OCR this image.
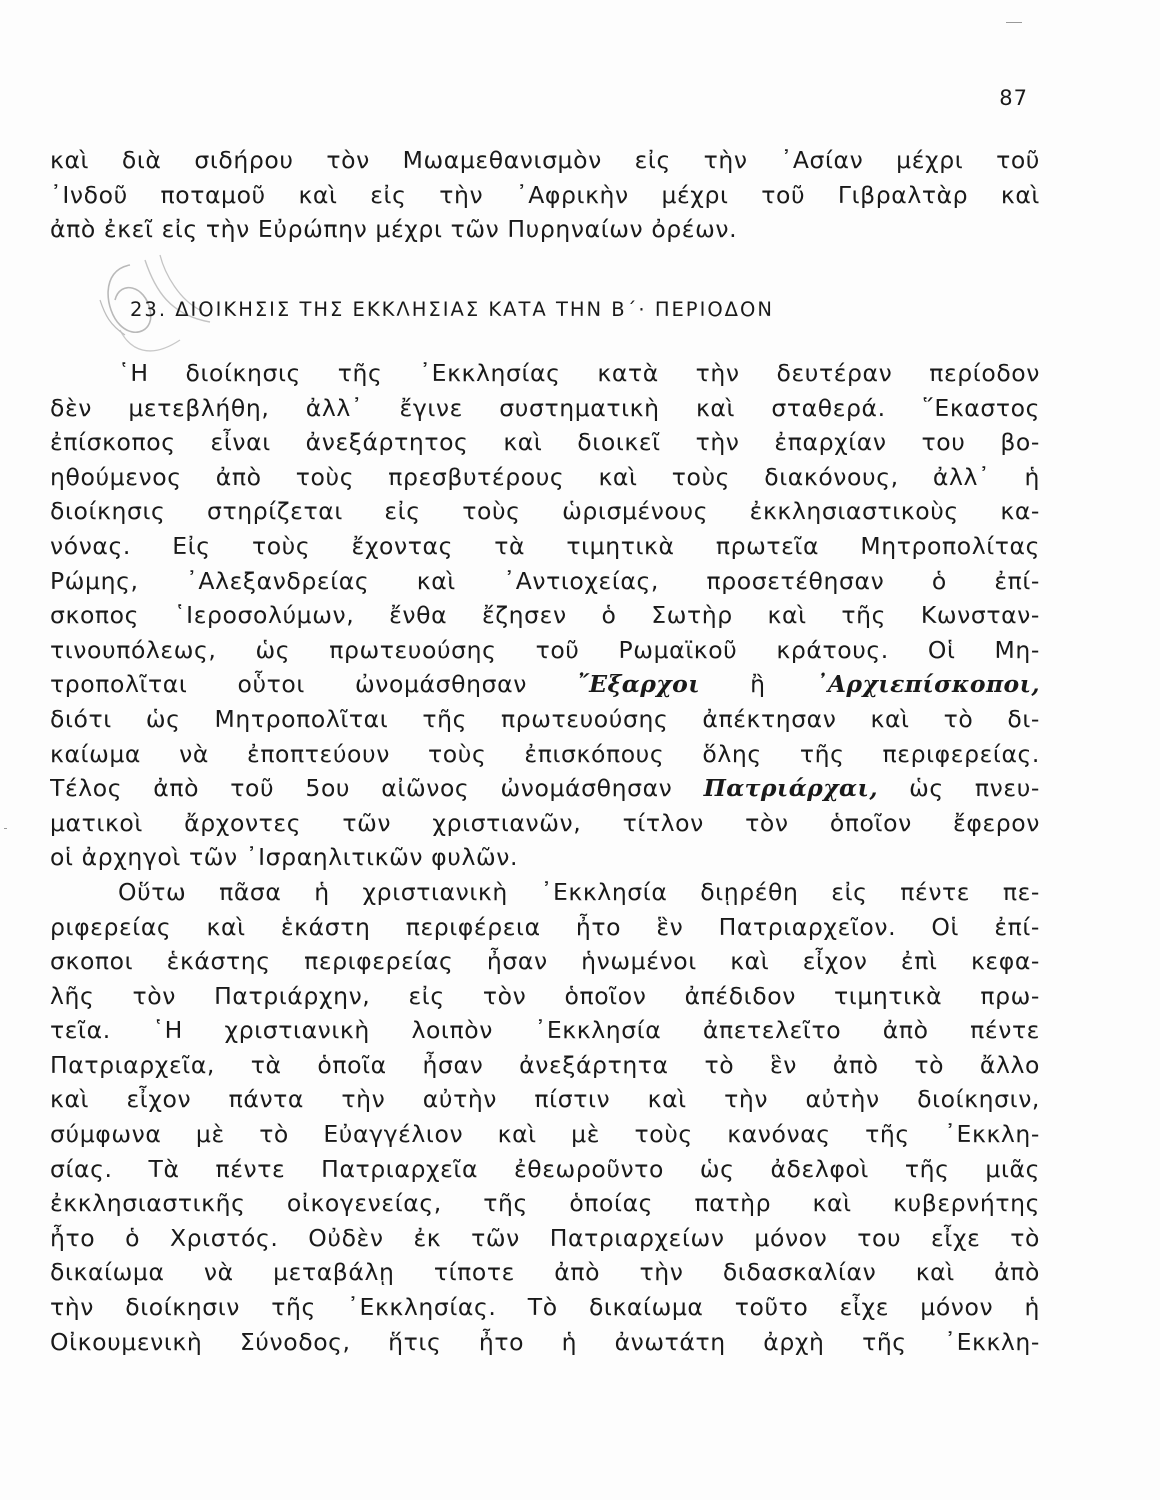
87
καὶ διὰ σιδήρου τὸν Μωαμεθανισμὸν εἰς τὴν ᾿Ασίαν μέχρι τοῦ
᾿Ινδοῦ ποταμοῦ καὶ εἰς τὴν ᾿Αφρικὴν μέχρι τοῦ Γιβραλτὰρ καὶ
ἀπὸ ἐκεῖ εἰς τὴν Εὐρώπην μέχρι τῶν Πυρηναίων ὀρέων.
23. ΔΙΟΙΚΗΣΙΣ ΤΗΣ ΕΚΚΛΗΣΙΑΣ ΚΑΤΑ ΤΗΝ Β΄· ΠΕΡΙΟΔΟΝ
῾Η διοίκησις τῆς ᾿Εκκλησίας κατὰ τὴν δευτέραν περίοδον
δὲν μετεβλήθη, ἀλλ᾿ ἔγινε συστηματικὴ καὶ σταθερά. ῞Εκαστος
ἐπίσκοπος εἶναι ἀνεξάρτητος καὶ διοικεῖ τὴν ἐπαρχίαν του βο-
ηθούμενος ἀπὸ τοὺς πρεσβυτέρους καὶ τοὺς διακόνους, ἀλλ᾿ ἡ
διοίκησις στηρίζεται εἰς τοὺς ὡρισμένους ἐκκλησιαστικοὺς κα-
νόνας. Εἰς τοὺς ἔχοντας τὰ τιμητικὰ πρωτεῖα Μητροπολίτας
Ρώμης, ᾿Αλεξανδρείας καὶ ᾿Αντιοχείας, προσετέθησαν ὁ ἐπί-
σκοπος ῾Ιεροσολύμων, ἔνθα ἔζησεν ὁ Σωτὴρ καὶ τῆς Κωνσταν-
τινουπόλεως, ὡς πρωτευούσης τοῦ Ρωμαϊκοῦ κράτους. Οἱ Μη-
τροπολῖται οὗτοι ὠνομάσθησαν ῎Εξαρχοι ἢ ᾿Αρχιεπίσκοποι,
διότι ὡς Μητροπολῖται τῆς πρωτευούσης ἀπέκτησαν καὶ τὸ δι-
καίωμα νὰ ἐποπτεύουν τοὺς ἐπισκόπους ὅλης τῆς περιφερείας.
Τέλος ἀπὸ τοῦ 5ου αἰῶνος ὠνομάσθησαν Πατριάρχαι, ὡς πνευ-
ματικοὶ ἄρχοντες τῶν χριστιανῶν, τίτλον τὸν ὁποῖον ἔφερον
οἱ ἀρχηγοὶ τῶν ᾿Ισραηλιτικῶν φυλῶν.
Οὕτω πᾶσα ἡ χριστιανικὴ ᾿Εκκλησία διῃρέθη εἰς πέντε πε-
ριφερείας καὶ ἑκάστη περιφέρεια ἦτο ἓν Πατριαρχεῖον. Οἱ ἐπί-
σκοποι ἑκάστης περιφερείας ἦσαν ἡνωμένοι καὶ εἶχον ἐπὶ κεφα-
λῆς τὸν Πατριάρχην, εἰς τὸν ὁποῖον ἀπέδιδον τιμητικὰ πρω-
τεῖα. ῾Η χριστιανικὴ λοιπὸν ᾿Εκκλησία ἀπετελεῖτο ἀπὸ πέντε
Πατριαρχεῖα, τὰ ὁποῖα ἦσαν ἀνεξάρτητα τὸ ἓν ἀπὸ τὸ ἄλλο
καὶ εἶχον πάντα τὴν αὐτὴν πίστιν καὶ τὴν αὐτὴν διοίκησιν,
σύμφωνα μὲ τὸ Εὐαγγέλιον καὶ μὲ τοὺς κανόνας τῆς ᾿Εκκλη-
σίας. Τὰ πέντε Πατριαρχεῖα ἐθεωροῦντο ὡς ἀδελφοὶ τῆς μιᾶς
ἐκκλησιαστικῆς οἰκογενείας, τῆς ὁποίας πατὴρ καὶ κυβερνήτης
ἦτο ὁ Χριστός. Οὐδὲν ἐκ τῶν Πατριαρχείων μόνον του εἶχε τὸ
δικαίωμα νὰ μεταβάλῃ τίποτε ἀπὸ τὴν διδασκαλίαν καὶ ἀπὸ
τὴν διοίκησιν τῆς ᾿Εκκλησίας. Τὸ δικαίωμα τοῦτο εἶχε μόνον ἡ
Οἰκουμενικὴ Σύνοδος, ἥτις ἦτο ἡ ἀνωτάτη ἀρχὴ τῆς ᾿Εκκλη-
